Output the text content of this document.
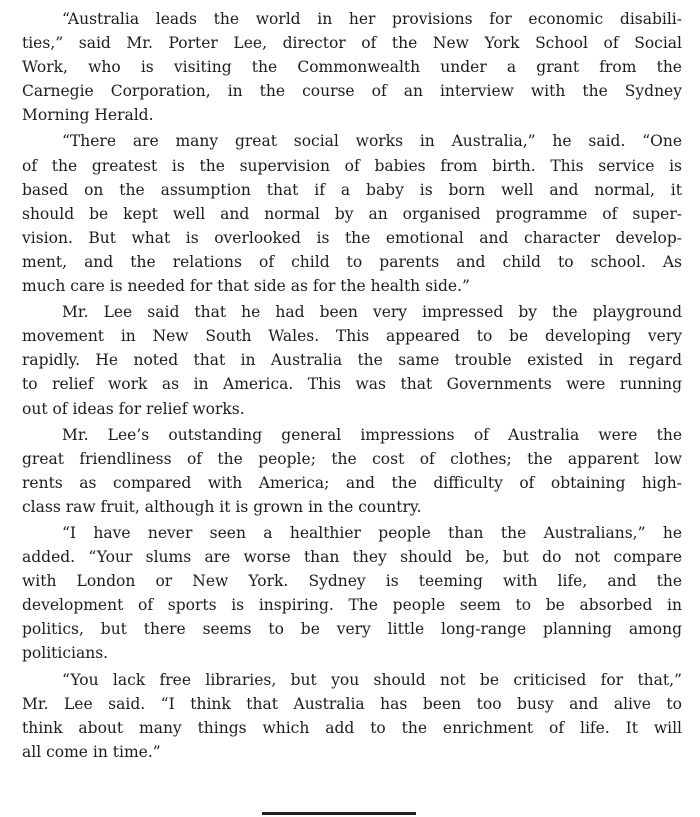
“Australia leads the world in her provisions for economic disabili-
ties,” said Mr. Porter Lee, director of the New York School of Social
Work, who is visiting the Commonwealth under a grant from the
Carnegie Corporation, in the course of an interview with the Sydney
Morning Herald.
“There are many great social works in Australia,” he said. “One
of the greatest is the supervision of babies from birth. This service is
based on the assumption that if a baby is born well and normal, it
should be kept well and normal by an organised programme of super-
vision. But what is overlooked is the emotional and character develop-
ment, and the relations of child to parents and child to school. As
much care is needed for that side as for the health side.”
Mr. Lee said that he had been very impressed by the playground
movement in New South Wales. This appeared to be developing very
rapidly. He noted that in Australia the same trouble existed in regard
to relief work as in America. This was that Governments were running
out of ideas for relief works.
Mr. Lee’s outstanding general impressions of Australia were the
great friendliness of the people; the cost of clothes; the apparent low
rents as compared with America; and the difficulty of obtaining high-
class raw fruit, although it is grown in the country.
“I have never seen a healthier people than the Australians,” he
added. “Your slums are worse than they should be, but do not compare
with London or New York. Sydney is teeming with life, and the
development of sports is inspiring. The people seem to be absorbed in
politics, but there seems to be very little long-range planning among
politicians.
“You lack free libraries, but you should not be criticised for that,”
Mr. Lee said. “I think that Australia has been too busy and alive to
think about many things which add to the enrichment of life. It will
all come in time.”
